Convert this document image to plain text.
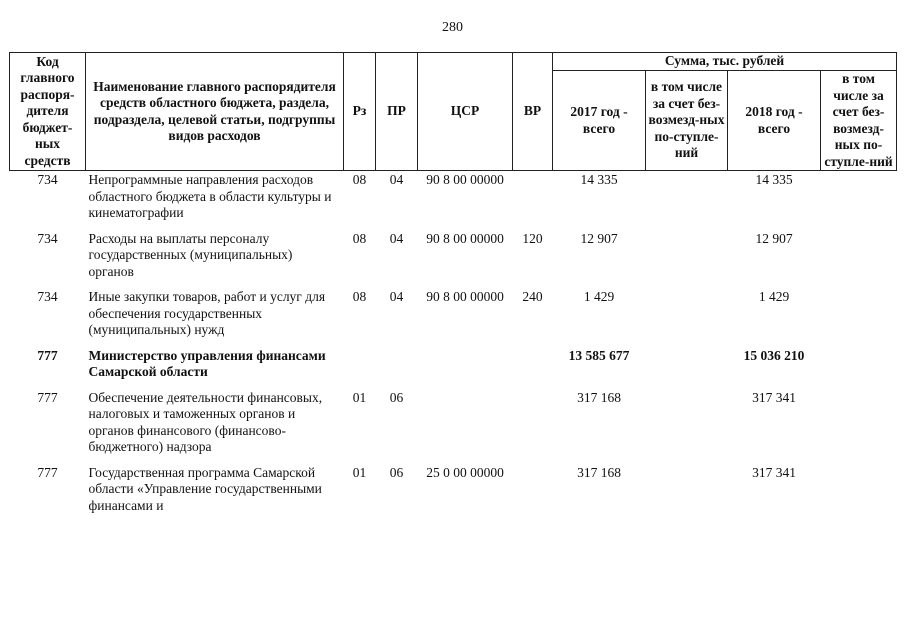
280
Код главного распоря-дителя бюджет-ных средств	Наименование главного распорядителя средств областного бюджета, раздела, подраздела, целевой статьи, подгруппы видов расходов	Рз	ПР	ЦСР	ВР	Сумма, тыс. рублей			
						2017 год - всего	в том числе за счет без-возмезд-ных по-ступле-ний	2018 год - всего	в том числе за счет без-возмезд-ных по-ступле-ний
734	Непрограммные направления расходов областного бюджета в области культуры и кинематографии	08	04	90 8 00 00000		14 335		14 335	
734	Расходы на выплаты персоналу государственных (муниципальных) органов	08	04	90 8 00 00000	120	12 907		12 907	
734	Иные закупки товаров, работ и услуг для обеспечения государственных (муниципальных) нужд	08	04	90 8 00 00000	240	1 429		1 429	
777	Министерство управления финансами Самарской области					13 585 677		15 036 210	
777	Обеспечение деятельности финансовых, налоговых и таможенных органов и органов финансового (финансово-бюджетного) надзора	01	06			317 168		317 341	
777	Государственная программа Самарской области «Управление государственными финансами и	01	06	25 0 00 00000		317 168		317 341	
